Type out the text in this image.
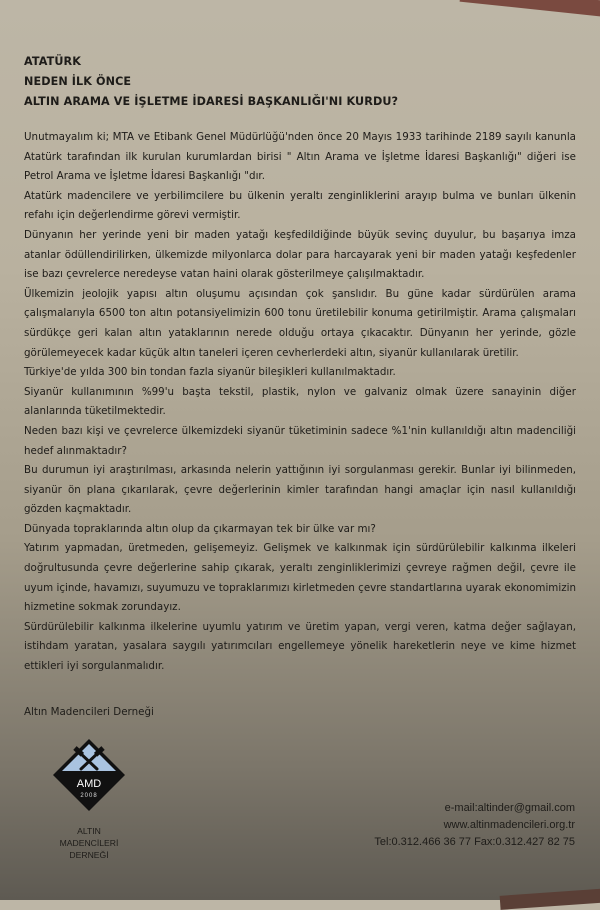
ATATÜRK
NEDEN İLK ÖNCE
ALTIN ARAMA VE İŞLETME İDARESİ BAŞKANLIĞI'NI KURDU?

Unutmayalım ki; MTA ve Etibank Genel Müdürlüğü'nden önce 20 Mayıs 1933 tarihinde 2189 sayılı kanunla Atatürk tarafından ilk kurulan kurumlardan birisi " Altın Arama ve İşletme İdaresi Başkanlığı" diğeri ise Petrol Arama ve İşletme İdaresi Başkanlığı "dır.

Atatürk madencilere ve yerbilimcilere bu ülkenin yeraltı zenginliklerini arayıp bulma ve bunları ülkenin refahı için değerlendirme görevi vermiştir.

Dünyanın her yerinde yeni bir maden yatağı keşfedildiğinde büyük sevinç duyulur, bu başarıya imza atanlar ödüllendirilirken, ülkemizde milyonlarca dolar para harcayarak yeni bir maden yatağı keşfedenler ise bazı çevrelerce neredeyse vatan haini olarak gösterilmeye çalışılmaktadır.

Ülkemizin jeolojik yapısı altın oluşumu açısından çok şanslıdır. Bu güne kadar sürdürülen arama çalışmalarıyla 6500 ton altın potansiyelimizin 600 tonu üretilebilir konuma getirilmiştir. Arama çalışmaları sürdükçe geri kalan altın yataklarının nerede olduğu ortaya çıkacaktır. Dünyanın her yerinde, gözle görülemeyecek kadar küçük altın taneleri içeren cevherlerdeki altın, siyanür kullanılarak üretilir.

Türkiye'de yılda 300 bin tondan fazla siyanür bileşikleri kullanılmaktadır.

Siyanür kullanımının %99'u başta tekstil, plastik, nylon ve galvaniz olmak üzere sanayinin diğer alanlarında tüketilmektedir.

Neden bazı kişi ve çevrelerce ülkemizdeki siyanür tüketiminin sadece %1'nin kullanıldığı altın madenciliği hedef alınmaktadır?

Bu durumun iyi araştırılması, arkasında nelerin yattığının iyi sorgulanması gerekir. Bunlar iyi bilinmeden, siyanür ön plana çıkarılarak, çevre değerlerinin kimler tarafından hangi amaçlar için nasıl kullanıldığı gözden kaçmaktadır.

Dünyada topraklarında altın olup da çıkarmayan tek bir ülke var mı?

Yatırım yapmadan, üretmeden, gelişemeyiz. Gelişmek ve kalkınmak için sürdürülebilir kalkınma ilkeleri doğrultusunda çevre değerlerine sahip çıkarak, yeraltı zenginliklerimizi çevreye rağmen değil, çevre ile uyum içinde, havamızı, suyumuzu ve topraklarımızı kirletmeden çevre standartlarına uyarak ekonomimizin hizmetine sokmak zorundayız.

Sürdürülebilir kalkınma ilkelerine uyumlu yatırım ve üretim yapan, vergi veren, katma değer sağlayan, istihdam yaratan, yasalara saygılı yatırımcıları engellemeye yönelik hareketlerin neye ve kime hizmet ettikleri iyi sorgulanmalıdır.

Altın Madencileri Derneği
AMD
2008
ALTIN
MADENCİLERİ
DERNEĞİ
e-mail:altinder@gmail.com
www.altinmadencileri.org.tr
Tel:0.312.466 36 77 Fax:0.312.427 82 75
